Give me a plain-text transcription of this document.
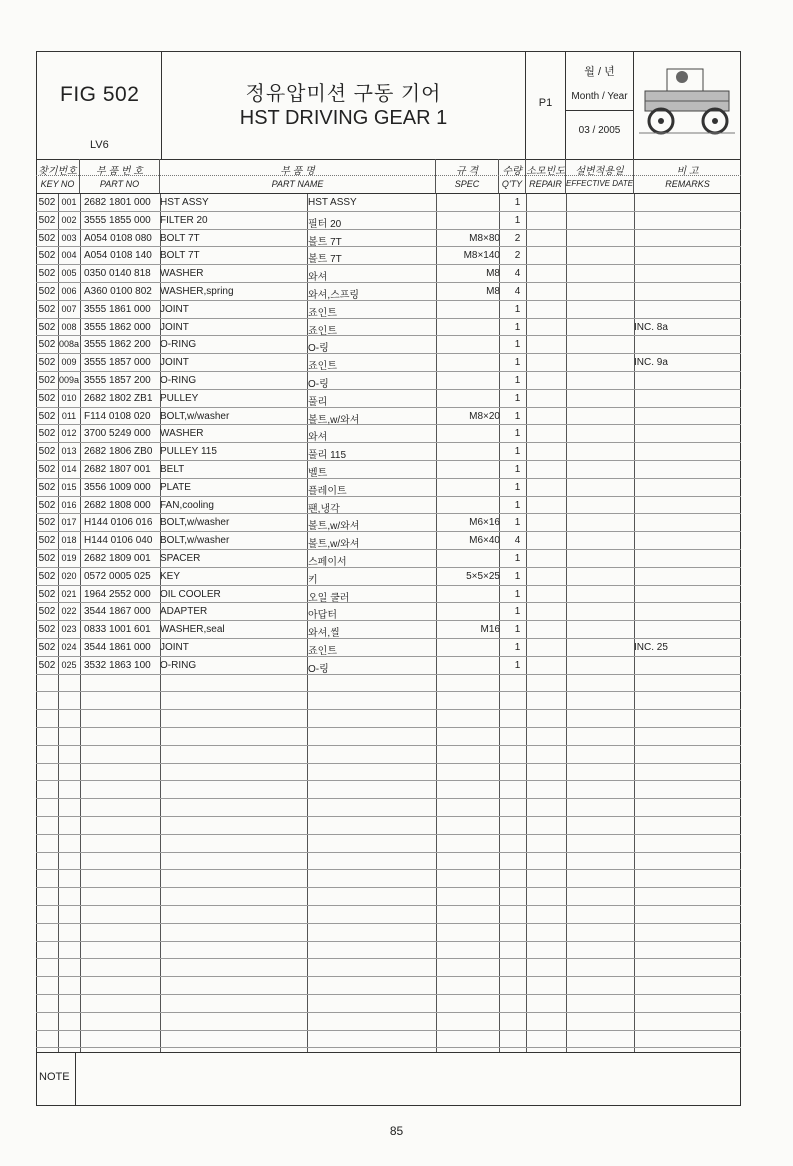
FIG 502
LV6
정유압미션 구동 기어
HST DRIVING GEAR 1
P1
월 / 년
Month / Year
03 / 2005
찾기번호
KEY NO
부 품 번 호
PART NO
부 품 명
PART NAME
규 격
SPEC
수량
Q'TY
소모빈도
REPAIR
설변적용일
EFFECTIVE DATE
비 고
REMARKS
502 001 2682 1801 000 HST ASSY	HST ASSY	1
502 002 3555 1855 000 FILTER 20	필터 20	1
502 003 A054 0108 080 BOLT 7T	볼트 7T	M8×80	2
502 004 A054 0108 140 BOLT 7T	볼트 7T	M8×140	2
502 005 0350 0140 818 WASHER	와셔	M8	4
502 006 A360 0100 802 WASHER,spring	와셔,스프링	M8	4
502 007 3555 1861 000 JOINT	죠인트	1
502 008 3555 1862 000 JOINT	죠인트	1	INC. 8a
502 008a 3555 1862 200 O-RING	O-링	1
502 009 3555 1857 000 JOINT	죠인트	1	INC. 9a
502 009a 3555 1857 200 O-RING	O-링	1
502 010 2682 1802 ZB1 PULLEY	풀리	1
502 011 F114 0108 020 BOLT,w/washer	볼트,w/와셔	M8×20	1
502 012 3700 5249 000 WASHER	와셔	1
502 013 2682 1806 ZB0 PULLEY 115	풀리 115	1
502 014 2682 1807 001 BELT	벨트	1
502 015 3556 1009 000 PLATE	플레이트	1
502 016 2682 1808 000 FAN,cooling	팬,냉각	1
502 017 H144 0106 016 BOLT,w/washer	볼트,w/와셔	M6×16	1
502 018 H144 0106 040 BOLT,w/washer	볼트,w/와셔	M6×40	4
502 019 2682 1809 001 SPACER	스페이서	1
502 020 0572 0005 025 KEY	키	5×5×25	1
502 021 1964 2552 000 OIL COOLER	오일 쿨러	1
502 022 3544 1867 000 ADAPTER	아답터	1
502 023 0833 1001 601 WASHER,seal	와셔,씰	M16	1
502 024 3544 1861 000 JOINT	죠인트	1	INC. 25
502 025 3532 1863 100 O-RING	O-링	1
NOTE
85
